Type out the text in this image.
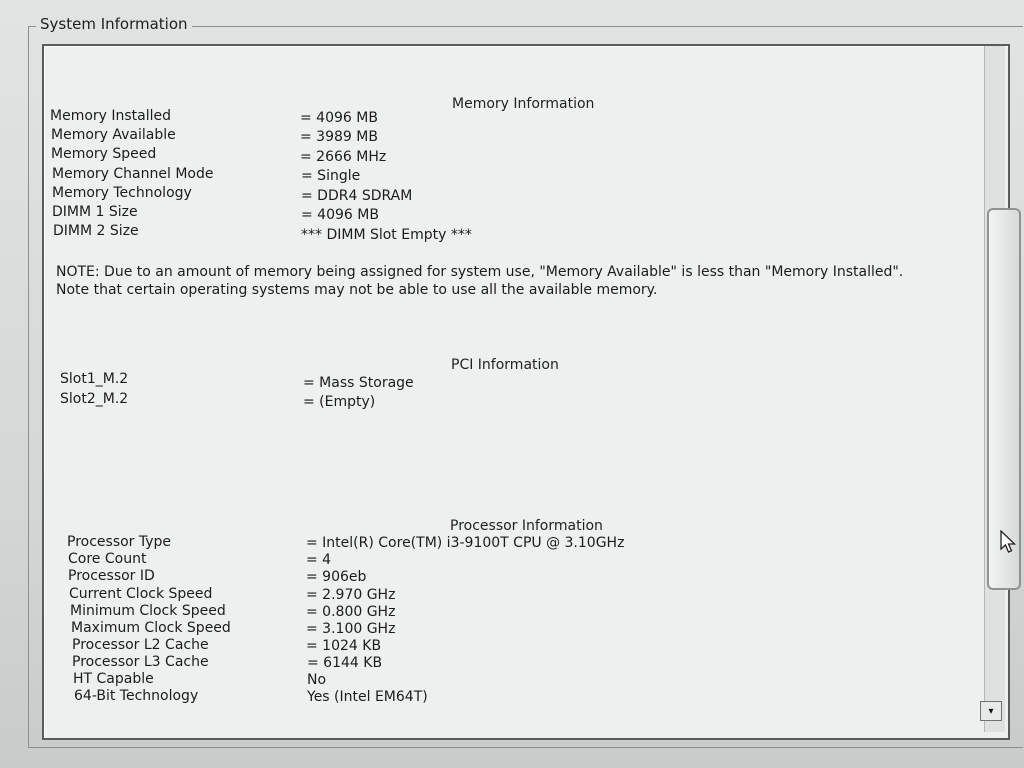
System Information
Memory Information
Memory Installed	= 4096 MB
Memory Available	= 3989 MB
Memory Speed	= 2666 MHz
Memory Channel Mode	= Single
Memory Technology	= DDR4 SDRAM
DIMM 1 Size	= 4096 MB
DIMM 2 Size	*** DIMM Slot Empty ***
NOTE: Due to an amount of memory being assigned for system use, "Memory Available" is less than "Memory Installed". Note that certain operating systems may not be able to use all the available memory.
PCI Information
Slot1_M.2	= Mass Storage
Slot2_M.2	= (Empty)
Processor Information
Processor Type	= Intel(R) Core(TM) i3-9100T CPU @ 3.10GHz
Core Count	= 4
Processor ID	= 906eb
Current Clock Speed	= 2.970 GHz
Minimum Clock Speed	= 0.800 GHz
Maximum Clock Speed	= 3.100 GHz
Processor L2 Cache	= 1024 KB
Processor L3 Cache	= 6144 KB
HT Capable	No
64-Bit Technology	Yes (Intel EM64T)
▾
